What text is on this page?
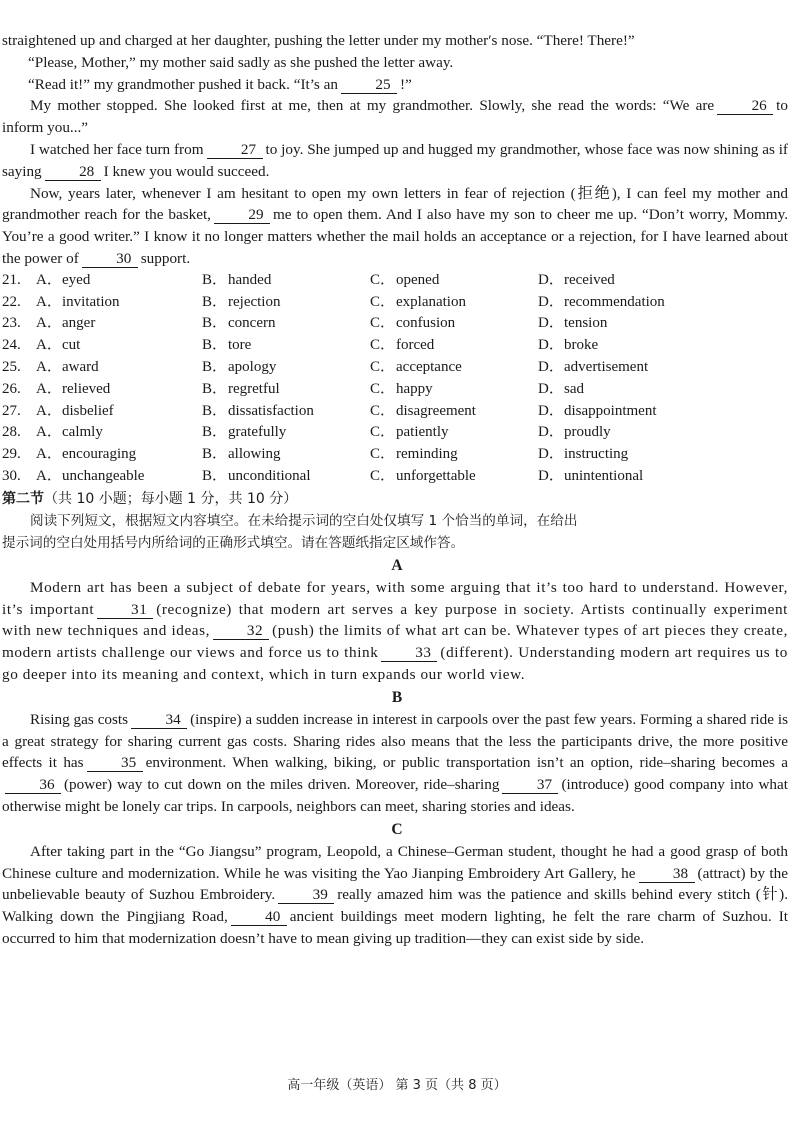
straightened up and charged at her daughter, pushing the letter under my mother′s nose. “There! There!”

“Please, Mother,” my mother said sadly as she pushed the letter away.

“Read it!” my grandmother pushed it back. “It’s an 25 !”

My mother stopped. She looked first at me, then at my grandmother. Slowly, she read the words: “We are 26 to inform you...”

I watched her face turn from 27 to joy. She jumped up and hugged my grandmother, whose face was now shining as if saying 28 I knew you would succeed.

Now, years later, whenever I am hesitant to open my own letters in fear of rejection (拒绝), I can feel my mother and grandmother reach for the basket, 29 me to open them. And I also have my son to cheer me up. “Don’t worry, Mommy. You’re a good writer.” I know it no longer matters whether the mail holds an acceptance or a rejection, for I have learned about the power of 30 support.

21.	A． eyed	B． handed	C． opened	D． received
22.	A． invitation	B． rejection	C． explanation	D． recommendation
23.	A． anger	B． concern	C． confusion	D． tension
24.	A． cut	B． tore	C． forced	D． broke
25.	A． award	B． apology	C． acceptance	D． advertisement
26.	A． relieved	B． regretful	C． happy	D． sad
27.	A． disbelief	B． dissatisfaction	C． disagreement	D． disappointment
28.	A． calmly	B． gratefully	C． patiently	D． proudly
29.	A． encouraging	B． allowing	C． reminding	D． instructing
30.	A． unchangeable	B． unconditional	C． unforgettable	D． unintentional
第二节（共 10 小题；每小题 1 分，共 10 分）
阅读下列短文，根据短文内容填空。在未给提示词的空白处仅填写 1 个恰当的单词，在给出
提示词的空白处用括号内所给词的正确形式填空。请在答题纸指定区域作答。
A

Modern art has been a subject of debate for years, with some arguing that it’s too hard to understand. However, it’s important 31 (recognize) that modern art serves a key purpose in society. Artists continually experiment with new techniques and ideas, 32 (push) the limits of what art can be. Whatever types of art pieces they create, modern artists challenge our views and force us to think 33 (different). Understanding modern art requires us to go deeper into its meaning and context, which in turn expands our world view.

B

Rising gas costs 34 (inspire) a sudden increase in interest in carpools over the past few years. Forming a shared ride is a great strategy for sharing current gas costs. Sharing rides also means that the less the participants drive, the more positive effects it has 35 environment. When walking, biking, or public transportation isn’t an option, ride–sharing becomes a36 (power) way to cut down on the miles driven. Moreover, ride–sharing 37 (introduce) good company into what otherwise might be lonely car trips. In carpools, neighbors can meet, sharing stories and ideas.

C

After taking part in the “Go Jiangsu” program, Leopold, a Chinese–German student, thought he had a good grasp of both Chinese culture and modernization. While he was visiting the Yao Jianping Embroidery Art Gallery, he 38 (attract) by the unbelievable beauty of Suzhou Embroidery. 39 really amazed him was the patience and skills behind every stitch (针). Walking down the Pingjiang Road, 40 ancient buildings meet modern lighting, he felt the rare charm of Suzhou. It occurred to him that modernization doesn’t have to mean giving up tradition—they can exist side by side.

高一年级（英语） 第 3 页（共 8 页）
